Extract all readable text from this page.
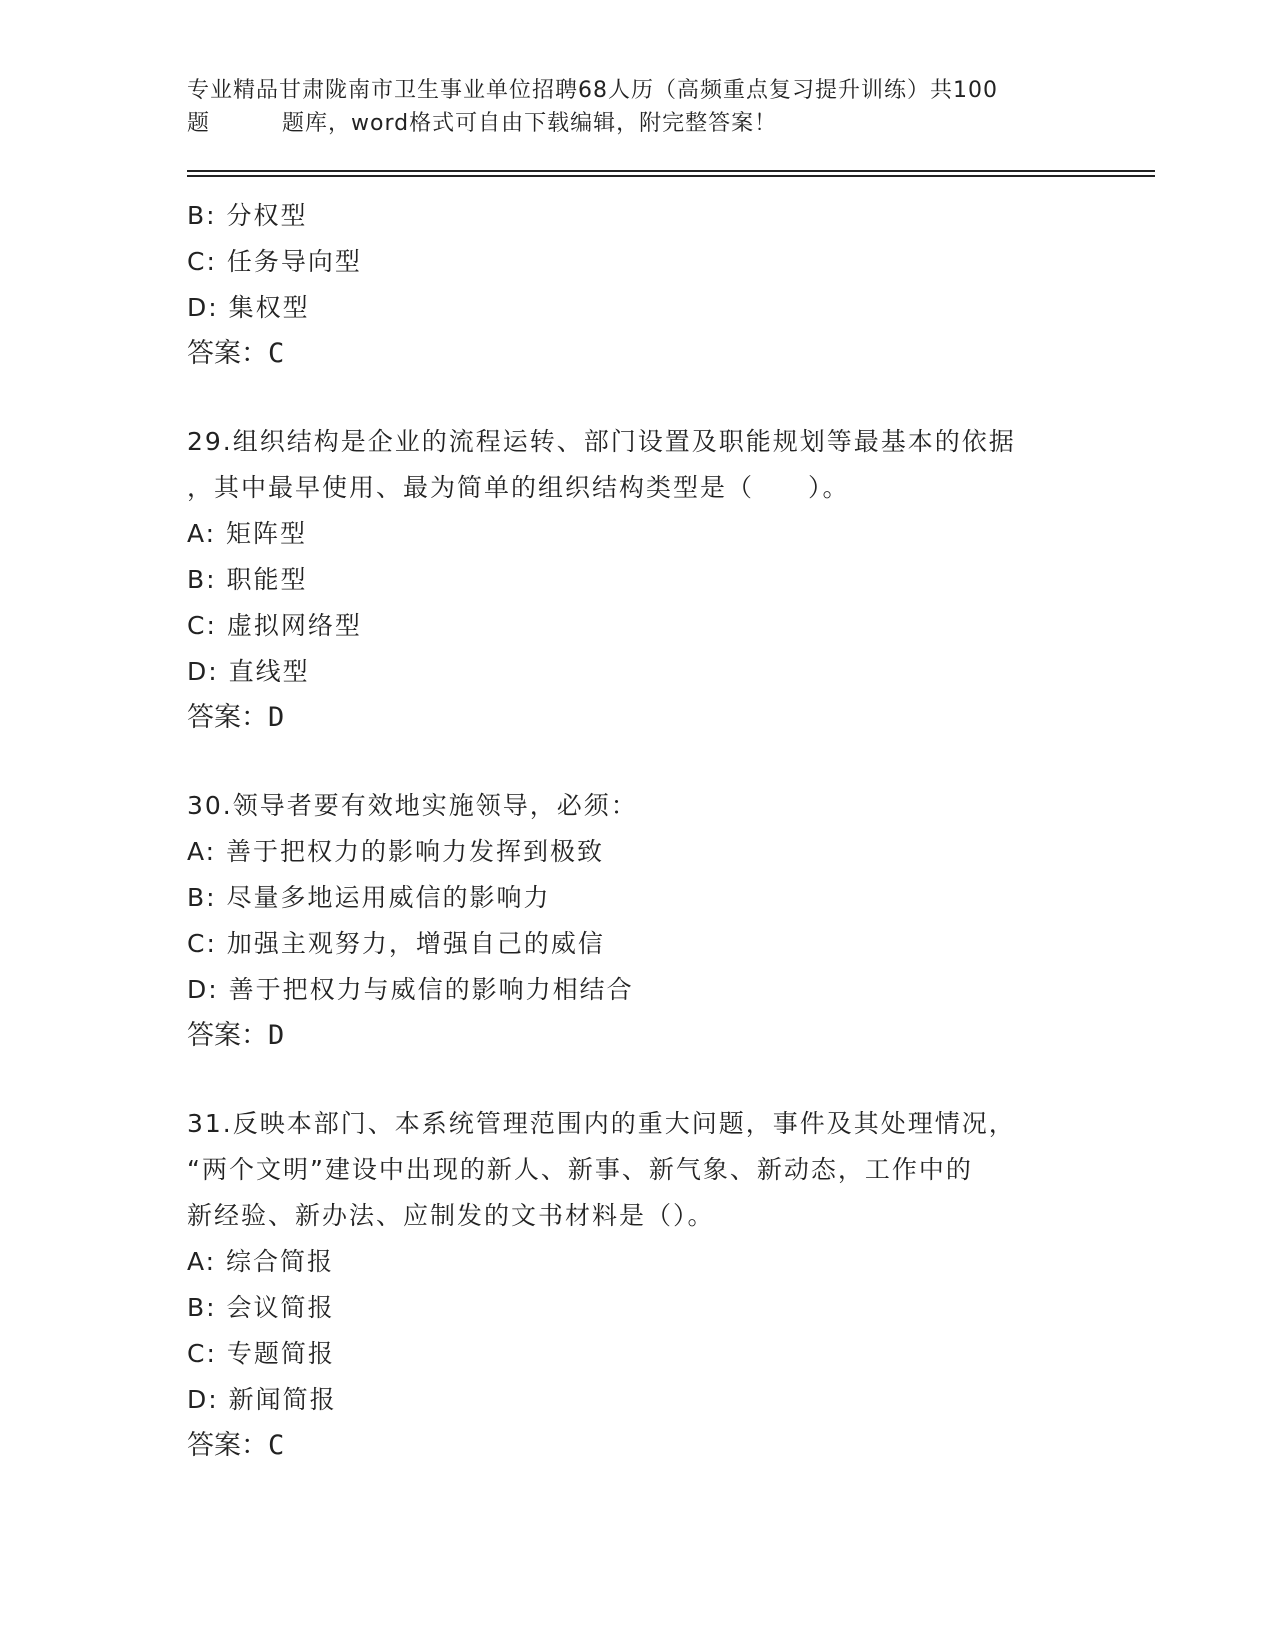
专业精品甘肃陇南市卫生事业单位招聘68人历（高频重点复习提升训练）共100
题	题库，word格式可自由下载编辑，附完整答案！
B: 分权型
C: 任务导向型
D: 集权型
答案：C
29.组织结构是企业的流程运转、部门设置及职能规划等最基本的依据
，其中最早使用、最为简单的组织结构类型是（　　）。
A: 矩阵型
B: 职能型
C: 虚拟网络型
D: 直线型
答案：D
30.领导者要有效地实施领导，必须：
A: 善于把权力的影响力发挥到极致
B: 尽量多地运用威信的影响力
C: 加强主观努力，增强自己的威信
D: 善于把权力与威信的影响力相结合
答案：D
31.反映本部门、本系统管理范围内的重大问题，事件及其处理情况，
“两个文明”建设中出现的新人、新事、新气象、新动态，工作中的
新经验、新办法、应制发的文书材料是（）。
A: 综合简报
B: 会议简报
C: 专题简报
D: 新闻简报
答案：C
